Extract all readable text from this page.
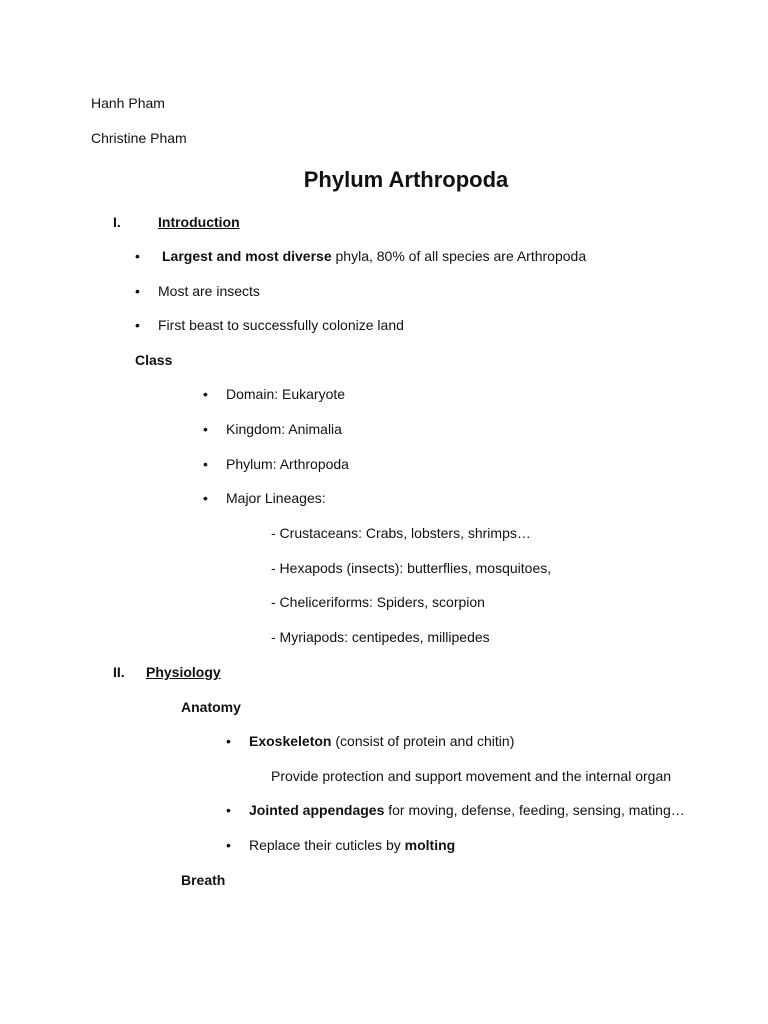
Hanh Pham
Christine Pham
Phylum Arthropoda
I.	Introduction
• Largest and most diverse phyla, 80% of all species are Arthropoda
• Most are insects
• First beast to successfully colonize land
Class
• Domain: Eukaryote
• Kingdom: Animalia
• Phylum: Arthropoda
• Major Lineages:
- Crustaceans: Crabs, lobsters, shrimps…
- Hexapods (insects): butterflies, mosquitoes,
- Cheliceriforms: Spiders, scorpion
- Myriapods: centipedes, millipedes
II. Physiology
Anatomy
• Exoskeleton (consist of protein and chitin)
Provide protection and support movement and the internal organ
• Jointed appendages for moving, defense, feeding, sensing, mating…
• Replace their cuticles by molting
Breath
